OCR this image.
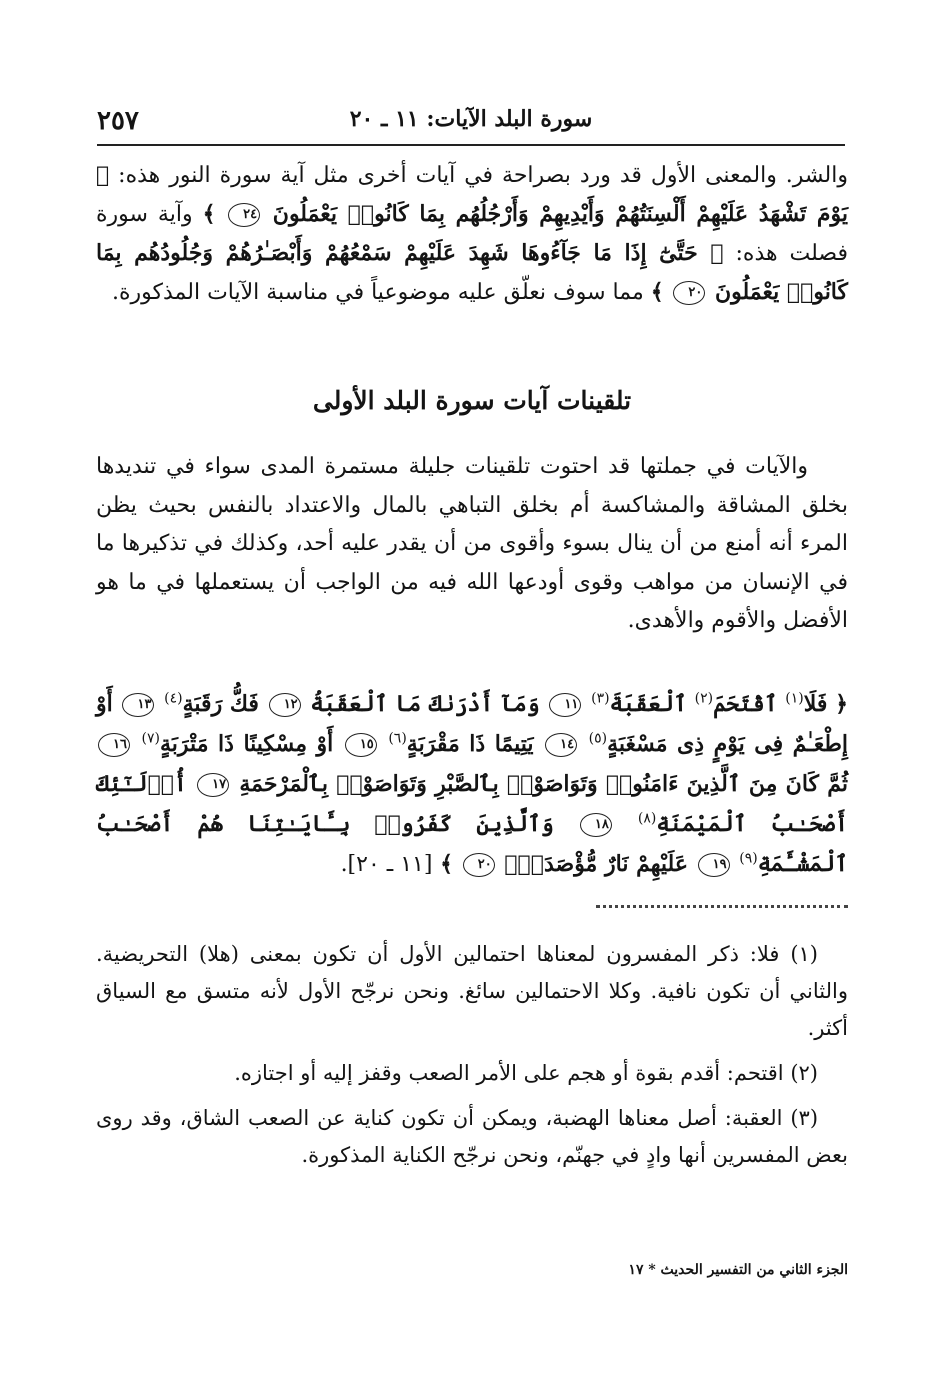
٢٥٧	سورة البلد الآيات: ١١ ـ ٢٠
والشر. والمعنى الأول قد ورد بصراحة في آيات أخرى مثل آية سورة النور هذه: ﴿ يَوْمَ تَشْهَدُ عَلَيْهِمْ أَلْسِنَتُهُمْ وَأَيْدِيهِمْ وَأَرْجُلُهُم بِمَا كَانُوا۟ يَعْمَلُونَ ٢٤ ﴾ وآية سورة فصلت هذه: ﴿ حَتَّىٰٓ إِذَا مَا جَآءُوهَا شَهِدَ عَلَيْهِمْ سَمْعُهُمْ وَأَبْصَـٰرُهُمْ وَجُلُودُهُم بِمَا كَانُوا۟ يَعْمَلُونَ ٢٠ ﴾ مما سوف نعلّق عليه موضوعياً في مناسبة الآيات المذكورة.
تلقينات آيات سورة البلد الأولى
والآيات في جملتها قد احتوت تلقينات جليلة مستمرة المدى سواء في تنديدها بخلق المشاقة والمشاكسة أم بخلق التباهي بالمال والاعتداد بالنفس بحيث يظن المرء أنه أمنع من أن ينال بسوء وأقوى من أن يقدر عليه أحد، وكذلك في تذكيرها ما في الإنسان من مواهب وقوى أودعها الله فيه من الواجب أن يستعملها في ما هو الأفضل والأقوم والأهدى.
﴿ فَلَا$^{(١)}$ ٱقْتَحَمَ$^{(٢)}$ ٱلْعَقَبَةَ$^{(٣)}$ ١١ وَمَآ أَدْرَىٰكَ مَا ٱلْعَقَبَةُ ١٢ فَكُّ رَقَبَةٍ$^{(٤)}$ ١٣ أَوْ إِطْعَـٰمٌ فِى يَوْمٍ ذِى مَسْغَبَةٍ$^{(٥)}$ ١٤ يَتِيمًا ذَا مَقْرَبَةٍ$^{(٦)}$ ١٥ أَوْ مِسْكِينًا ذَا مَتْرَبَةٍ$^{(٧)}$ ١٦ ثُمَّ كَانَ مِنَ ٱلَّذِينَ ءَامَنُوا۟ وَتَوَاصَوْا۟ بِٱلصَّبْرِ وَتَوَاصَوْا۟ بِٱلْمَرْحَمَةِ ١٧ أُو۟لَـٰٓئِكَ أَصْحَـٰبُ ٱلْمَيْمَنَةِ$^{(٨)}$ ١٨ وَٱلَّذِينَ كَفَرُوا۟ بِـَٔايَـٰتِنَا هُمْ أَصْحَـٰبُ ٱلْمَشْـَٔمَةِ$^{(٩)}$ ١٩ عَلَيْهِمْ نَارٌ مُّؤْصَدَةٌۢ ٢٠ ﴾ [١١ ـ ٢٠].

(١) فلا: ذكر المفسرون لمعناها احتمالين الأول أن تكون بمعنى (هلا) التحريضية. والثاني أن تكون نافية. وكلا الاحتمالين سائغ. ونحن نرجّح الأول لأنه متسق مع السياق أكثر.

(٢) اقتحم: أقدم بقوة أو هجم على الأمر الصعب وقفز إليه أو اجتازه.

(٣) العقبة: أصل معناها الهضبة، ويمكن أن تكون كناية عن الصعب الشاق، وقد روى بعض المفسرين أنها وادٍ في جهنّم، ونحن نرجّح الكناية المذكورة.

الجزء الثاني من التفسير الحديث * ١٧
